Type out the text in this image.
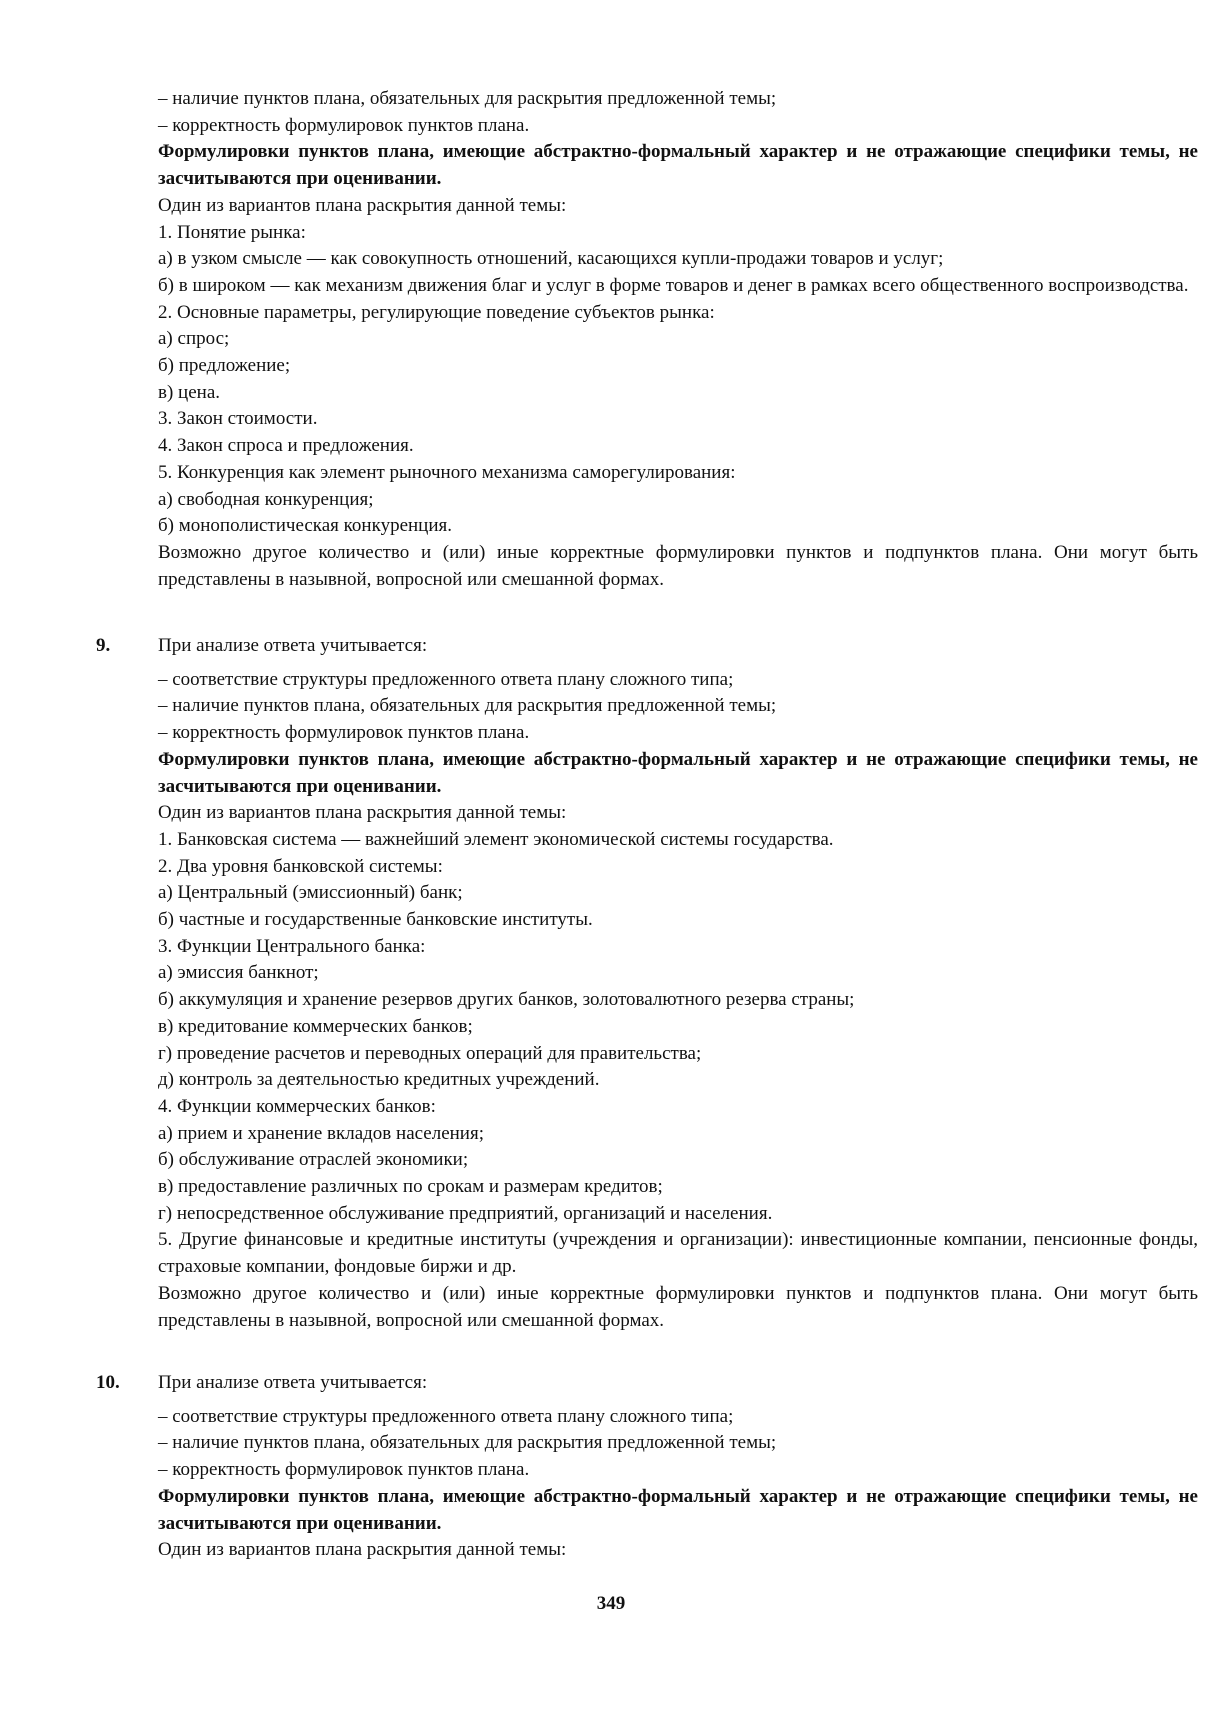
– наличие пунктов плана, обязательных для раскрытия предложенной темы;

– корректность формулировок пунктов плана.

Формулировки пунктов плана, имеющие абстрактно-формальный характер и не отражающие специфики темы, не засчитываются при оценивании.

Один из вариантов плана раскрытия данной темы:

1. Понятие рынка:

а) в узком смысле — как совокупность отношений, касающихся купли-продажи товаров и услуг;

б) в широком — как механизм движения благ и услуг в форме товаров и денег в рамках всего общественного воспроизводства.

2. Основные параметры, регулирующие поведение субъектов рынка:

а) спрос;

б) предложение;

в) цена.

3. Закон стоимости.

4. Закон спроса и предложения.

5. Конкуренция как элемент рыночного механизма саморегулирования:

а) свободная конкуренция;

б) монополистическая конкуренция.

Возможно другое количество и (или) иные корректные формулировки пунктов и подпунктов плана. Они могут быть представлены в назывной, вопросной или смешанной формах.

9.	При анализе ответа учитывается:

– соответствие структуры предложенного ответа плану сложного типа;

– наличие пунктов плана, обязательных для раскрытия предложенной темы;

– корректность формулировок пунктов плана.

Формулировки пунктов плана, имеющие абстрактно-формальный характер и не отражающие специфики темы, не засчитываются при оценивании.

Один из вариантов плана раскрытия данной темы:

1. Банковская система — важнейший элемент экономической системы государства.

2. Два уровня банковской системы:

а) Центральный (эмиссионный) банк;

б) частные и государственные банковские институты.

3. Функции Центрального банка:

а) эмиссия банкнот;

б) аккумуляция и хранение резервов других банков, золотовалютного резерва страны;

в) кредитование коммерческих банков;

г) проведение расчетов и переводных операций для правительства;

д) контроль за деятельностью кредитных учреждений.

4. Функции коммерческих банков:

а) прием и хранение вкладов населения;

б) обслуживание отраслей экономики;

в) предоставление различных по срокам и размерам кредитов;

г) непосредственное обслуживание предприятий, организаций и населения.

5. Другие финансовые и кредитные институты (учреждения и организации): инвестиционные компании, пенсионные фонды, страховые компании, фондовые биржи и др.

Возможно другое количество и (или) иные корректные формулировки пунктов и подпунктов плана. Они могут быть представлены в назывной, вопросной или смешанной формах.

10. При анализе ответа учитывается:

– соответствие структуры предложенного ответа плану сложного типа;

– наличие пунктов плана, обязательных для раскрытия предложенной темы;

– корректность формулировок пунктов плана.

Формулировки пунктов плана, имеющие абстрактно-формальный характер и не отражающие специфики темы, не засчитываются при оценивании.

Один из вариантов плана раскрытия данной темы:

349
